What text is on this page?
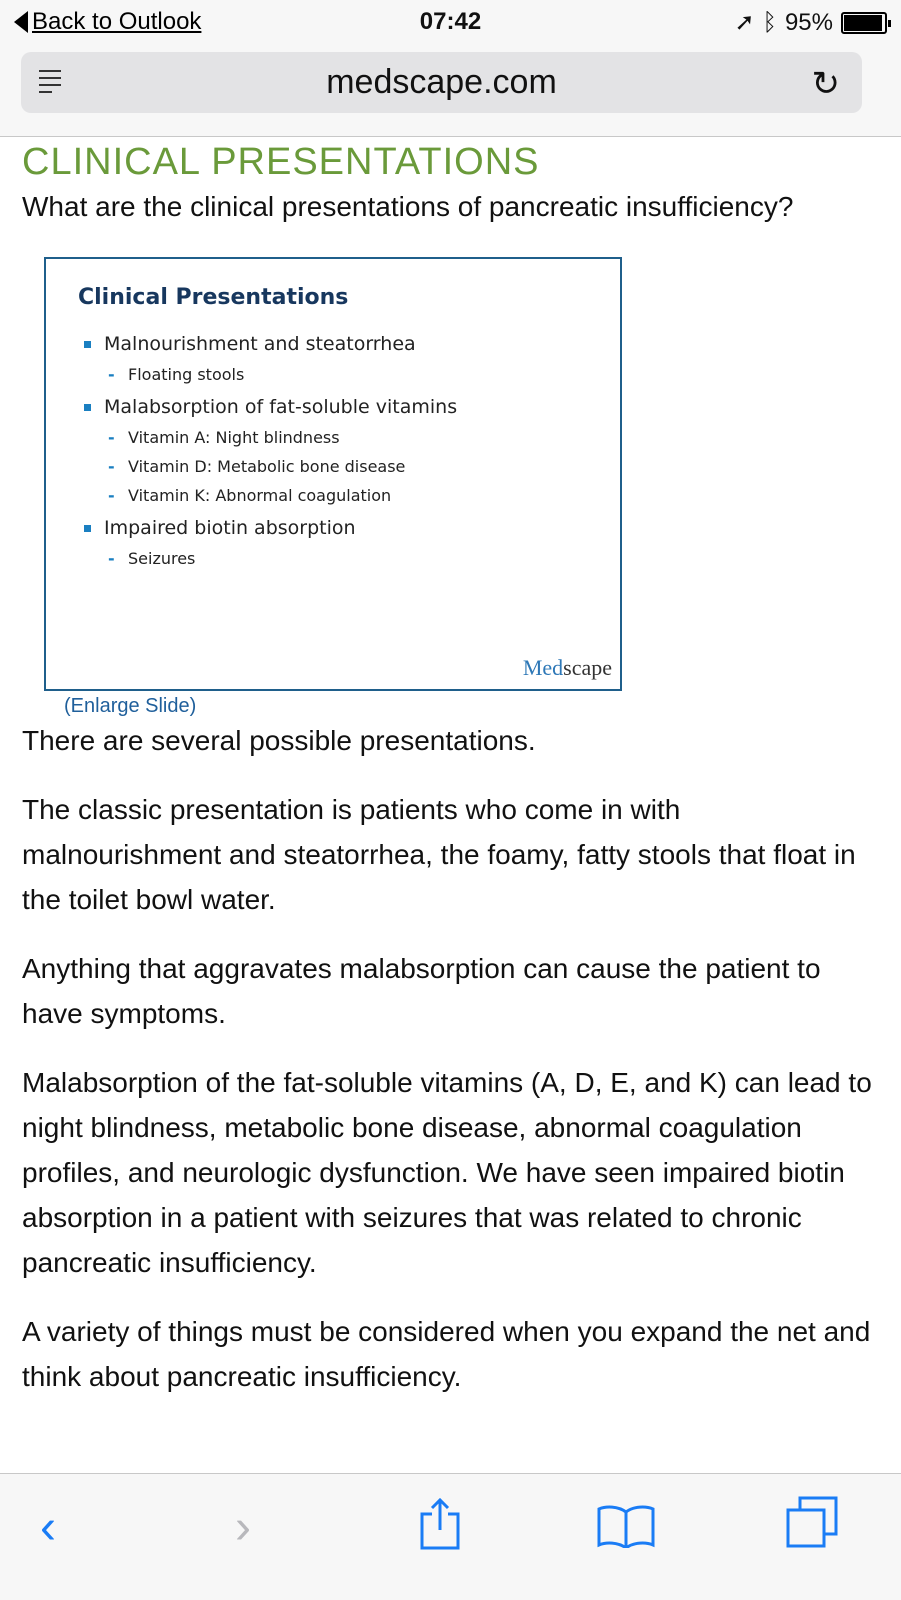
Back to Outlook	07:42	➚ ᛒ 95%
medscape.com	↻
CLINICAL PRESENTATIONS
What are the clinical presentations of pancreatic insufficiency?
Clinical Presentations
Malnourishment and steatorrhea
- Floating stools
Malabsorption of fat-soluble vitamins
- Vitamin A: Night blindness
- Vitamin D: Metabolic bone disease
- Vitamin K: Abnormal coagulation
Impaired biotin absorption
- Seizures
Medscape
(Enlarge Slide)

There are several possible presentations.

The classic presentation is patients who come in with malnourishment and steatorrhea, the foamy, fatty stools that float in the toilet bowl water.

Anything that aggravates malabsorption can cause the patient to have symptoms.

Malabsorption of the fat-soluble vitamins (A, D, E, and K) can lead to night blindness, metabolic bone disease, abnormal coagulation profiles, and neurologic dysfunction. We have seen impaired biotin absorption in a patient with seizures that was related to chronic pancreatic insufficiency.

A variety of things must be considered when you expand the net and think about pancreatic insufficiency.

‹	›
